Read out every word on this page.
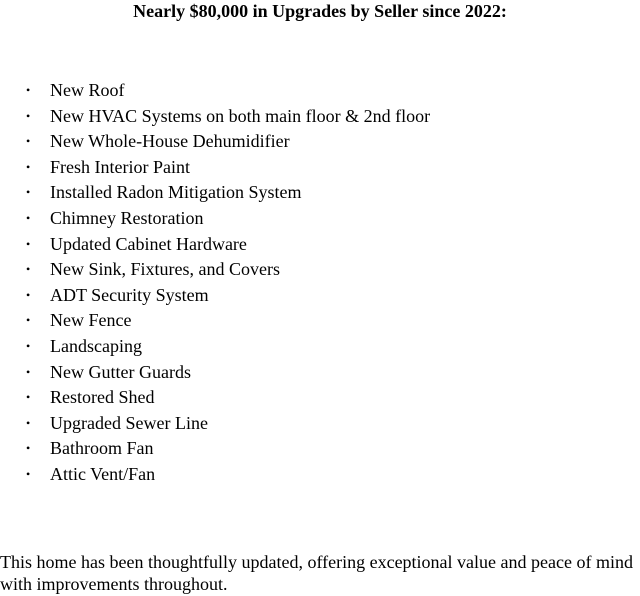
Nearly $80,000 in Upgrades by Seller since 2022:
• New Roof
• New HVAC Systems on both main floor & 2nd floor
• New Whole-House Dehumidifier
• Fresh Interior Paint
• Installed Radon Mitigation System
• Chimney Restoration
• Updated Cabinet Hardware
• New Sink, Fixtures, and Covers
• ADT Security System
• New Fence
• Landscaping
• New Gutter Guards
• Restored Shed
• Upgraded Sewer Line
• Bathroom Fan
• Attic Vent/Fan

This home has been thoughtfully updated, offering exceptional value and peace of mind with improvements throughout.
